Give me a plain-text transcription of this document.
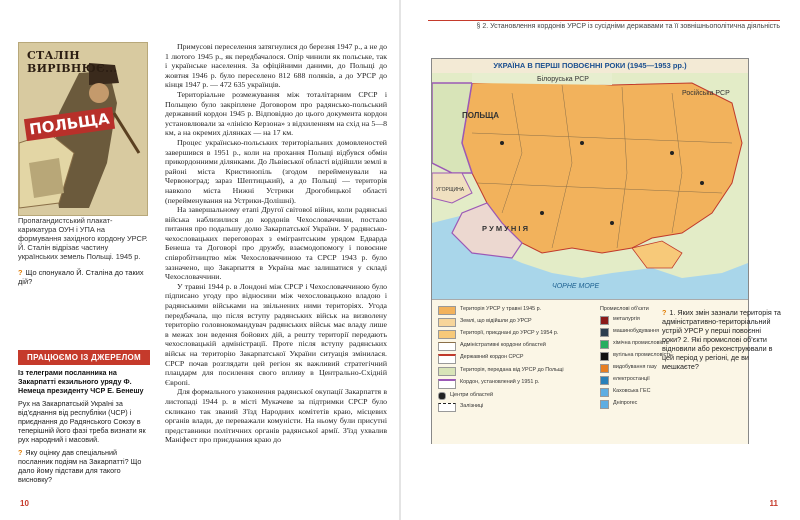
СТАЛІН ВИРІВНЮЄ...
ПОЛЬЩА
Пропагандистський плакат-карикатура ОУН і УПА на формування західного кордону УРСР. Й. Сталін відрізає частину українських земель Польщі. 1945 р.
? Що спонукало Й. Сталіна до таких дій?
ПРАЦЮЄМО ІЗ ДЖЕРЕЛОМ
Із телеграми посланника на Закарпатті екзильного уряду Ф. Немеца президенту ЧСР Е. Бенешу
Рух на Закарпатській Україні за від'єднання від республіки (ЧСР) і приєднання до Радянського Союзу в теперішній його фазі треба визнати як рух народний і масовий.
? Яку оцінку дав спеціальний посланник подіям на Закарпатті? Що дало йому підстави для такого висновку?

Примусові переселення затягнулися до березня 1947 р., а не до 1 лютого 1945 р., як передбачалося. Опір чинили як польське, так і українське населення. За офіційними даними, до Польщі до жовтня 1946 р. було переселено 812 688 поляків, а до УРСР до кінця 1947 р. — 472 635 українців.

Територіальне розмежування між тоталітарним СРСР і Польщею було закріплене Договором про радянсько-польський державний кордон 1945 р. Відповідно до цього документа кордон установлювали за «лінією Керзона» з відхиленням на схід на 5—8 км, а на окремих ділянках — на 17 км.

Процес українсько-польських територіальних домовленостей завершився в 1951 р., коли на прохання Польщі відбувся обмін прикордонними ділянками. До Львівської області відійшли землі в районі міста Кристинопіль (згодом перейменували на Червоноград; зараз Шептицький), а до Польщі — територія навколо міста Нижні Устрики Дрогобицької області (перейменування на Устрики-Долішні).

На завершальному етапі Другої світової війни, коли радянські війська наблизилися до кордонів Чехословаччини, постало питання про подальшу долю Закарпатської України. У радянсько-чехословацьких переговорах з емігрантським урядом Едварда Бенеша та Договорі про дружбу, взаємодопомогу і повоєнне співробітництво між Чехословаччиною та СРСР 1943 р. було зазначено, що Закарпаття в Україна має залишатися у складі Чехословаччини.

У травні 1944 р. в Лондоні між СРСР і Чехословаччиною було підписано угоду про відносини між чехословацькою владою і радянськими військами на звільнених ними територіях. Угода передбачала, що після вступу радянських військ на визволену територію головнокомандувач радянських військ має владу лише в межах зон ведення бойових дій, а решту території передають чехословацькій адміністрації. Проте після вступу радянських військ на територію Закарпатської України ситуація змінилася. СРСР почав розглядати цей регіон як важливий стратегічний плацдарм для посилення свого впливу в Центрально-Східній Європі.

Для формального узаконення радянської окупації Закарпаття в листопаді 1944 р. в місті Мукачеве за підтримки СРСР було скликано так званий З'їзд Народних комітетів краю, місцевих органів влади, де переважали комуністи. На ньому були присутні представники політичних органів радянської армії. З'їзд ухвалив Маніфест про приєднання краю до

10
§ 2. Установлення кордонів УРСР із сусідніми державами та її зовнішньополітична діяльність
УКРАЇНА В ПЕРШІ ПОВОЄННІ РОКИ (1945—1953 рр.)
ПОЛЬЩА
Білоруська РСР
Російська РСР
Р У М У Н І Я
УГОРЩИНА
ЧОРНЕ МОРЕ
Територія УРСР у травні 1945 р.
Землі, що відійшли до УРСР
Території, приєднані до УРСР у 1954 р.
Адміністративні кордони областей
Державний кордон СРСР
Територія, передана від УРСР до Польщі
Кордон, установлений у 1951 р.
Центри областей
Залізниці
Промислові об'єкти
металургія
машинобудування
хімічна промисловість
вугільна промисловість
видобування газу
електростанції
Каховська ГЕС
Дніпрогес
? 1. Яких змін зазнали територія та адміністративно-територіальний устрій УРСР у перші повоєнні роки? 2. Які промислові об'єкти відновили або реконструювали в цей період у регіоні, де ви мешкаєте?
11
